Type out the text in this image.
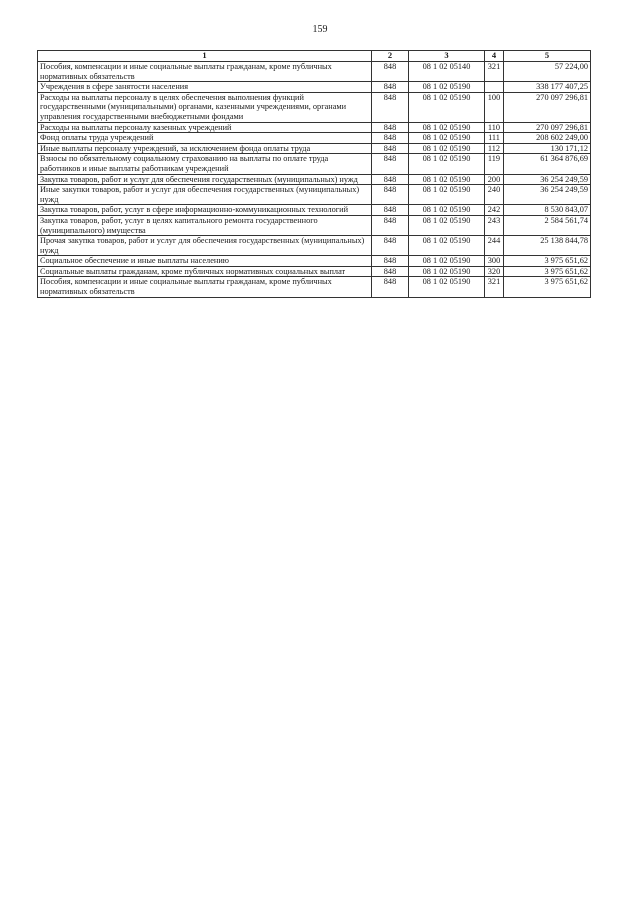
159
1	2	3	4	5
Пособия, компенсации и иные социальные выплаты гражданам, кроме публичных нормативных обязательств	848	08 1 02 05140	321	57 224,00
Учреждения в сфере занятости населения	848	08 1 02 05190		338 177 407,25
Расходы на выплаты персоналу в целях обеспечения выполнения функций государственными (муниципальными) органами, казенными учреждениями, органами управления государственными внебюджетными фондами	848	08 1 02 05190	100	270 097 296,81
Расходы на выплаты персоналу казенных учреждений	848	08 1 02 05190	110	270 097 296,81
Фонд оплаты труда учреждений	848	08 1 02 05190	111	208 602 249,00
Иные выплаты персоналу учреждений, за исключением фонда оплаты труда	848	08 1 02 05190	112	130 171,12
Взносы по обязательному социальному страхованию на выплаты по оплате труда работников и иные выплаты работникам учреждений	848	08 1 02 05190	119	61 364 876,69
Закупка товаров, работ и услуг для обеспечения государственных (муниципальных) нужд	848	08 1 02 05190	200	36 254 249,59
Иные закупки товаров, работ и услуг для обеспечения государственных (муниципальных) нужд	848	08 1 02 05190	240	36 254 249,59
Закупка товаров, работ, услуг в сфере информационно-коммуникационных технологий	848	08 1 02 05190	242	8 530 843,07
Закупка товаров, работ, услуг в целях капитального ремонта государственного (муниципального) имущества	848	08 1 02 05190	243	2 584 561,74
Прочая закупка товаров, работ и услуг для обеспечения государственных (муниципальных) нужд	848	08 1 02 05190	244	25 138 844,78
Социальное обеспечение и иные выплаты населению	848	08 1 02 05190	300	3 975 651,62
Социальные выплаты гражданам, кроме публичных нормативных социальных выплат	848	08 1 02 05190	320	3 975 651,62
Пособия, компенсации и иные социальные выплаты гражданам, кроме публичных нормативных обязательств	848	08 1 02 05190	321	3 975 651,62
